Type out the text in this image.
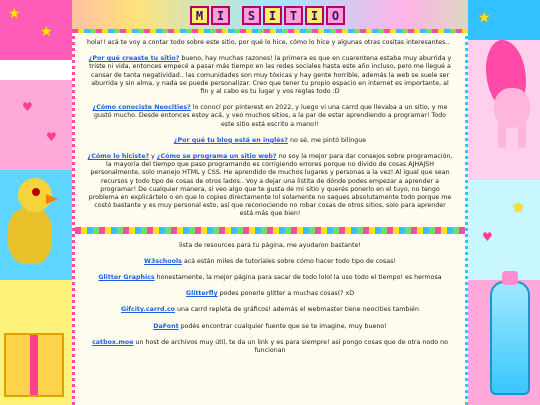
★
★
♥
♥
★
★
♥
M	I	S	I	T	I	O

hola!! acá te voy a contar todo sobre este sitio, por qué lo hice, cómo lo hice y algunas otras cositas interesantes..

¿Por qué creaste tu sitio? bueno, hay muchas razones! la primera es que en cuarentena estaba muy aburrida y triste ni vida, entonces empecé a pasar más tiempo en las redes sociales hasta este año incluso, pero me llegué a cansar de tanta negatividad.. las comunidades son muy tóxicas y hay gente horrible, además la web se suele ser aburrida y sin alma, y nada se puede personalizar. Creo que tener tu propio espacio en internet es importante, al fin y al cabo es tu lugar y vos reglas todo :D

¿Cómo conociste Neocities? lo conocí por pinterest en 2022, y luego vi una carrd que llevaba a un sitio, y me gustó mucho. Desde entonces estoy acá, y veo muchos sitios, a la par de estar aprendiendo a programar! Todo este sitio está escrito a mano!!

¿Por qué tu blog está en inglés? no sé, me pintó bilingue

¿Cómo lo hiciste? y ¿Cómo se programa un sitio web? no soy la mejor para dar consejos sobre programación, la mayoría del tiempo que paso programando es corrigiendo errores porque no divido de cosas AJHAJSH personalmente, solo manejo HTML y CSS. He aprendido de muchos lugares y personas a la vez! Al igual que sean recursos y todo tipo de cosas de otros lados.. Voy a dejar una listita de dónde podes empezar a aprender a programar! De cualquier manera, si veo algo que te gusta de mi sitio y querés ponerlo en el tuyo, no tengo problema en explicártelo o en que lo copies directamente lol solamente no saques absolutamente todo porque me costó bastante y es muy personal esto, así que reconociendo no robar cosas de otros sitios, solo para aprender está más que bien!

lista de resources para tu página, me ayudaron bastante!

W3schools acá están miles de tutoriales sobre cómo hacer todo tipo de cosas!

Glitter Graphics honestamente, la mejor página para sacar de todo lolol la uso todo el tiempo! es hermosa

Glitterfly podes ponerle glitter a muchas cosas(? xD

Gifcity.carrd.co una carrd repleta de gráficos! además el webmaster tiene neocities también

DaFont podés encontrar cualquier fuente que se te imagine, muy bueno!

catbox.moe un host de archivos muy útil, te da un link y es para siempre! así pongo cosas que de otra nodo no funcionan
